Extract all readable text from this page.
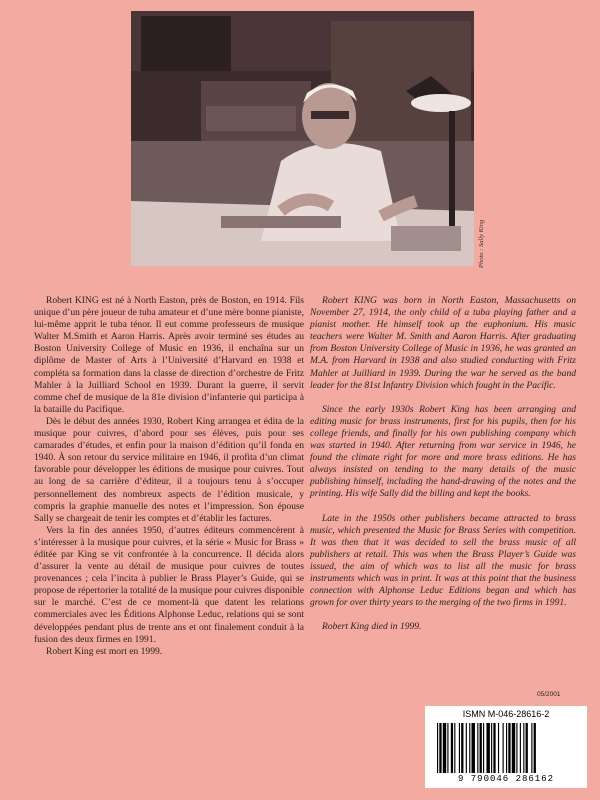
Photo : Sally King

Robert KING est né à North Easton, près de Boston, en 1914. Fils unique d’un père joueur de tuba amateur et d’une mère bonne pianiste, lui-même apprit le tuba ténor. Il eut comme professeurs de musique Walter M.Smith et Aaron Harris. Après avoir terminé ses études au Boston University College of Music en 1936, il enchaîna sur un diplôme de Master of Arts à l’Université d’Harvard en 1938 et compléta sa formation dans la classe de direction d’orchestre de Fritz Mahler à la Juilliard School en 1939. Durant la guerre, il servit comme chef de musique de la 81e division d’infanterie qui participa à la bataille du Pacifique.

Dès le début des années 1930, Robert King arrangea et édita de la musique pour cuivres, d’abord pour ses élèves, puis pour ses camarades d’études, et enfin pour la maison d’édition qu’il fonda en 1940. À son retour du service militaire en 1946, il profita d’un climat favorable pour développer les éditions de musique pour cuivres. Tout au long de sa carrière d’éditeur, il a toujours tenu à s’occuper personnellement des nombreux aspects de l’édition musicale, y compris la graphie manuelle des notes et l’impression. Son épouse Sally se chargeait de tenir les comptes et d’établir les factures.

Vers la fin des années 1950, d’autres éditeurs commencèrent à s’intéresser à la musique pour cuivres, et la série « Music for Brass » éditée par King se vit confrontée à la concurrence. Il décida alors d’assurer la vente au détail de musique pour cuivres de toutes provenances ; cela l’incita à publier le Brass Player’s Guide, qui se propose de répertorier la totalité de la musique pour cuivres disponible sur le marché. C’est de ce moment-là que datent les relations commerciales avec les Éditions Alphonse Leduc, relations qui se sont développées pendant plus de trente ans et ont finalement conduit à la fusion des deux firmes en 1991.

Robert King est mort en 1999.

Robert KING was born in North Easton, Massachusetts on November 27, 1914, the only child of a tuba playing father and a pianist mother. He himself took up the euphonium. His music teachers were Walter M. Smith and Aaron Harris. After graduating from Boston University College of Music in 1936, he was granted an M.A. from Harvard in 1938 and also studied conducting with Fritz Mahler at Juilliard in 1939. During the war he served as the band leader for the 81st Infantry Division which fought in the Pacific.

Since the early 1930s Robert King has been arranging and editing music for brass instruments, first for his pupils, then for his college friends, and finally for his own publishing company which was started in 1940. After returning from war service in 1946, he found the climate right for more and more brass editions. He has always insisted on tending to the many details of the music publishing himself, including the hand-drawing of the notes and the printing. His wife Sally did the billing and kept the books.

Late in the 1950s other publishers became attracted to brass music, which presented the Music for Brass Series with competition. It was then that it was decided to sell the brass music of all publishers at retail. This was when the Brass Player’s Guide was issued, the aim of which was to list all the music for brass instruments which was in print. It was at this point that the business connection with Alphonse Leduc Editions began and which has grown for over thirty years to the merging of the two firms in 1991.

Robert King died in 1999.

05/2001
ISMN M-046-28616-2
9 790046 286162
